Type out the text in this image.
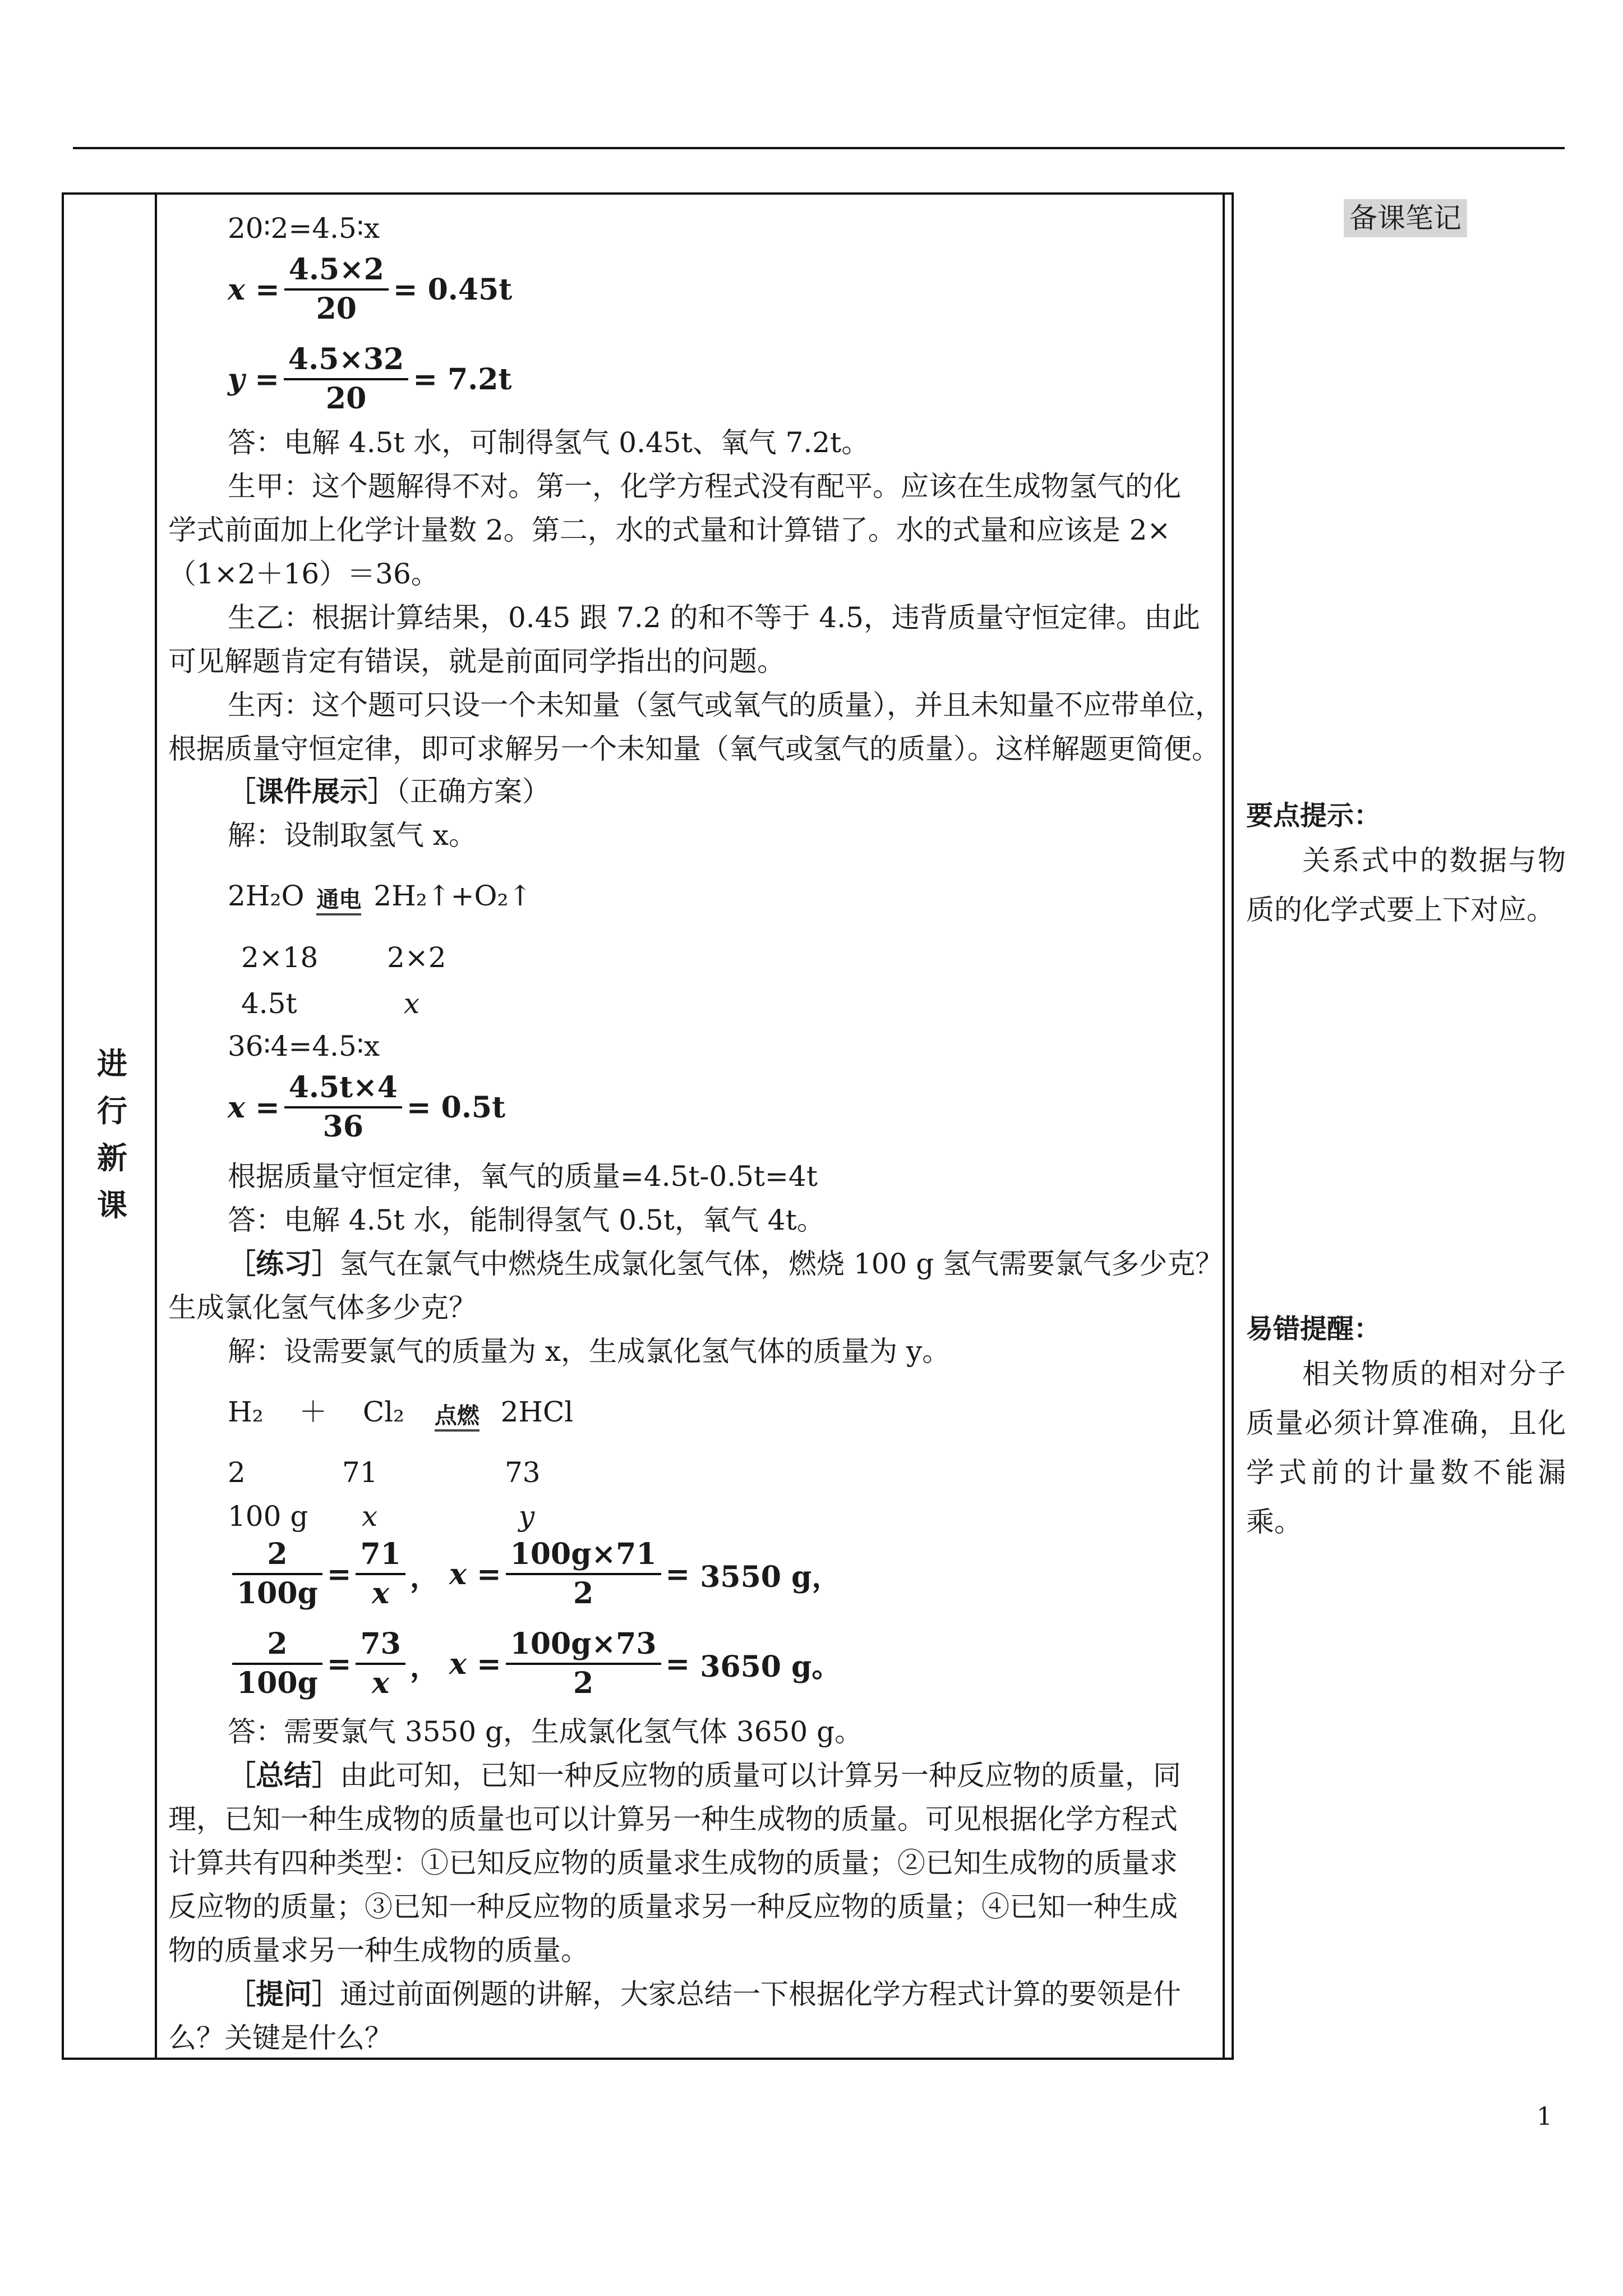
备课笔记
进
行
新
课
20∶2=4.5∶x
$x = \frac{4.5\times 2}{20} = 0.45t$
$y = \frac{4.5\times 32}{20} = 7.2t$
答：电解 4.5t 水，可制得氢气 0.45t、氧气 7.2t。
生甲：这个题解得不对。第一，化学方程式没有配平。应该在生成物氢气的化
学式前面加上化学计量数 2。第二，水的式量和计算错了。水的式量和应该是 2×
（1×2＋16）＝36。
生乙：根据计算结果，0.45 跟 7.2 的和不等于 4.5，违背质量守恒定律。由此
可见解题肯定有错误，就是前面同学指出的问题。
生丙：这个题可只设一个未知量（氢气或氧气的质量），并且未知量不应带单位，
根据质量守恒定律，即可求解另一个未知量（氧气或氢气的质量）。这样解题更简便。
［课件展示］（正确方案）
解：设制取氢气 x。
2H₂O 通电 2H₂↑+O₂↑
2×18 2×2
4.5t	x
36∶4=4.5∶x
$x = \frac{4.5t\times 4}{36} = 0.5t$
根据质量守恒定律，氧气的质量=4.5t-0.5t=4t
答：电解 4.5t 水，能制得氢气 0.5t，氧气 4t。
［练习］氢气在氯气中燃烧生成氯化氢气体，燃烧 100 g 氢气需要氯气多少克？
生成氯化氢气体多少克？
解：设需要氯气的质量为 x，生成氯化氢气体的质量为 y。
H₂ ＋ Cl₂ 点燃 2HCl
2	71	73
100 g x	y
$\frac{2}{100g} = \frac{71}{x}$ ， $x = \frac{100g\times 71}{2} = 3550$ g，
$\frac{2}{100g} = \frac{73}{x}$ ， $x = \frac{100g\times 73}{2} = 3650$ g。
答：需要氯气 3550 g，生成氯化氢气体 3650 g。
［总结］由此可知，已知一种反应物的质量可以计算另一种反应物的质量，同
理，已知一种生成物的质量也可以计算另一种生成物的质量。可见根据化学方程式
计算共有四种类型：①已知反应物的质量求生成物的质量；②已知生成物的质量求
反应物的质量；③已知一种反应物的质量求另一种反应物的质量；④已知一种生成
物的质量求另一种生成物的质量。
［提问］通过前面例题的讲解，大家总结一下根据化学方程式计算的要领是什
么？关键是什么？
要点提示：
关系式中的数据与物质的化学式要上下对应。
易错提醒：
相关物质的相对分子质量必须计算准确，且化学式前的计量数不能漏乘。
1
